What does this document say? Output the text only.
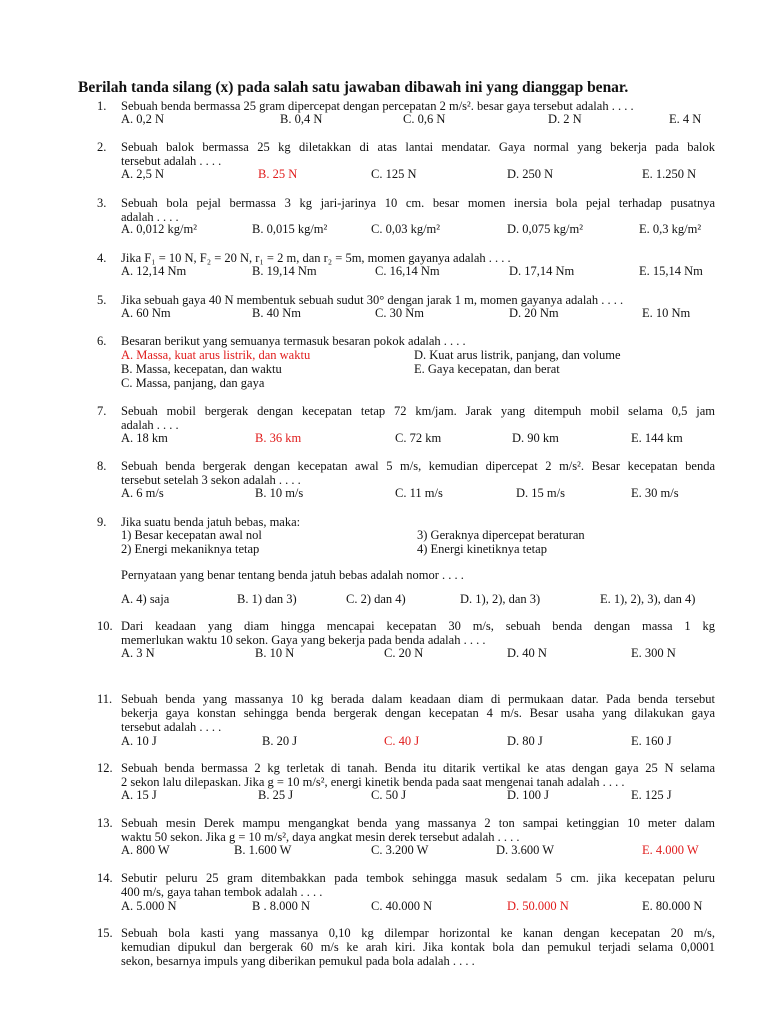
Berilah tanda silang (x) pada salah satu jawaban dibawah ini yang dianggap benar.
1. Sebuah benda bermassa 25 gram dipercepat dengan percepatan 2 m/s². besar gaya tersebut adalah . . . .
A. 0,2 N	B. 0,4 N	C. 0,6 N	D. 2 N	E. 4 N
2. Sebuah balok bermassa 25 kg diletakkan di atas lantai mendatar. Gaya normal yang bekerja pada balok
tersebut adalah . . . .
A. 2,5 N	B. 25 N	C. 125 N	D. 250 N	E. 1.250 N
3. Sebuah bola pejal bermassa 3 kg jari-jarinya 10 cm. besar momen inersia bola pejal terhadap pusatnya
adalah . . . .
A. 0,012 kg/m²	B. 0,015 kg/m²	C. 0,03 kg/m²	D. 0,075 kg/m²	E. 0,3 kg/m²
4. Jika F₁ = 10 N, F₂ = 20 N, r₁ = 2 m, dan r₂ = 5m, momen gayanya adalah . . . .
A. 12,14 Nm	B. 19,14 Nm	C. 16,14 Nm	D. 17,14 Nm	E. 15,14 Nm
5. Jika sebuah gaya 40 N membentuk sebuah sudut 30° dengan jarak 1 m, momen gayanya adalah . . . .
A. 60 Nm	B. 40 Nm	C. 30 Nm	D. 20 Nm	E. 10 Nm
6. Besaran berikut yang semuanya termasuk besaran pokok adalah . . . .
A. Massa, kuat arus listrik, dan waktu	D. Kuat arus listrik, panjang, dan volume
B. Massa, kecepatan, dan waktu	E. Gaya kecepatan, dan berat
C. Massa, panjang, dan gaya
7. Sebuah mobil bergerak dengan kecepatan tetap 72 km/jam. Jarak yang ditempuh mobil selama 0,5 jam
adalah . . . .
A. 18 km	B. 36 km	C. 72 km	D. 90 km	E. 144 km
8. Sebuah benda bergerak dengan kecepatan awal 5 m/s, kemudian dipercepat 2 m/s². Besar kecepatan benda
tersebut setelah 3 sekon adalah . . . .
A. 6 m/s	B. 10 m/s	C. 11 m/s	D. 15 m/s	E. 30 m/s
9. Jika suatu benda jatuh bebas, maka:
1) Besar kecepatan awal nol	3) Geraknya dipercepat beraturan
2) Energi mekaniknya tetap	4) Energi kinetiknya tetap
Pernyataan yang benar tentang benda jatuh bebas adalah nomor . . . .
A. 4) saja	B. 1) dan 3)	C. 2) dan 4)	D. 1), 2), dan 3)	E. 1), 2), 3), dan 4)
10. Dari keadaan yang diam hingga mencapai kecepatan 30 m/s, sebuah benda dengan massa 1 kg
memerlukan waktu 10 sekon. Gaya yang bekerja pada benda adalah . . . .
A. 3 N	B. 10 N	C. 20 N	D. 40 N	E. 300 N
11. Sebuah benda yang massanya 10 kg berada dalam keadaan diam di permukaan datar. Pada benda tersebut
bekerja gaya konstan sehingga benda bergerak dengan kecepatan 4 m/s. Besar usaha yang dilakukan gaya
tersebut adalah . . . .
A. 10 J	B. 20 J	C. 40 J	D. 80 J	E. 160 J
12. Sebuah benda bermassa 2 kg terletak di tanah. Benda itu ditarik vertikal ke atas dengan gaya 25 N selama
2 sekon lalu dilepaskan. Jika g = 10 m/s², energi kinetik benda pada saat mengenai tanah adalah . . . .
A. 15 J	B. 25 J	C. 50 J	D. 100 J	E. 125 J
13. Sebuah mesin Derek mampu mengangkat benda yang massanya 2 ton sampai ketinggian 10 meter dalam
waktu 50 sekon. Jika g = 10 m/s², daya angkat mesin derek tersebut adalah . . . .
A. 800 W	B. 1.600 W	C. 3.200 W	D. 3.600 W	E. 4.000 W
14. Sebutir peluru 25 gram ditembakkan pada tembok sehingga masuk sedalam 5 cm. jika kecepatan peluru
400 m/s, gaya tahan tembok adalah . . . .
A. 5.000 N	B . 8.000 N	C. 40.000 N	D. 50.000 N	E. 80.000 N
15. Sebuah bola kasti yang massanya 0,10 kg dilempar horizontal ke kanan dengan kecepatan 20 m/s,
kemudian dipukul dan bergerak 60 m/s ke arah kiri. Jika kontak bola dan pemukul terjadi selama 0,0001
sekon, besarnya impuls yang diberikan pemukul pada bola adalah . . . .
